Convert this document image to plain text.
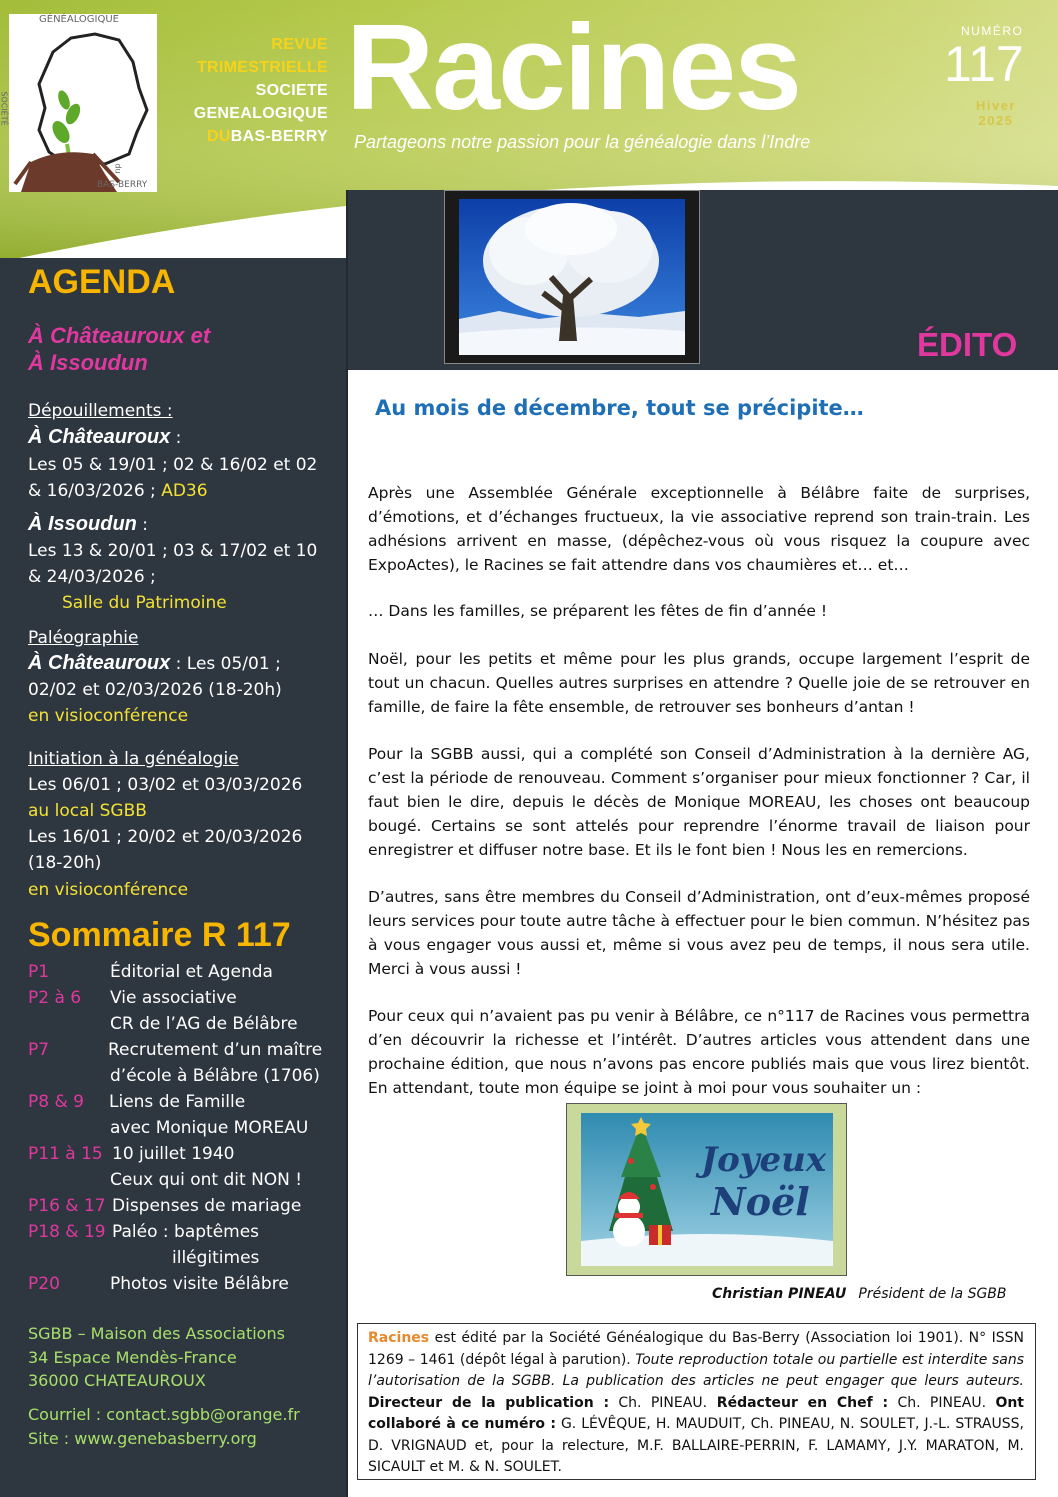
GÉNÉALOGIQUE
SOCIÉTÉ
du
BAS-BERRY
REVUE
TRIMESTRIELLE
SOCIETE
GENEALOGIQUE
DUBAS-BERRY
Racines
Partageons notre passion pour la généalogie dans l’Indre
NUMÉRO
117
Hiver
2025
ÉDITO
AGENDA
À Châteauroux et
À Issoudun
Dépouillements :
À Châteauroux :
Les 05 & 19/01 ; 02 & 16/02 et 02
& 16/03/2026 ; AD36
À Issoudun :
Les 13 & 20/01 ; 03 & 17/02 et 10
& 24/03/2026 ;
Salle du Patrimoine
Paléographie
À Châteauroux : Les 05/01 ;
02/02 et 02/03/2026 (18-20h)
en visioconférence
Initiation à la généalogie
Les 06/01 ; 03/02 et 03/03/2026
au local SGBB
Les 16/01 ; 20/02 et 20/03/2026
(18-20h)
en visioconférence
Sommaire R 117
P1	Éditorial et Agenda
P2 à 6 Vie associative
CR de l’AG de Bélâbre
P7	Recrutement d’un maître
d’école à Bélâbre (1706)
P8 & 9 Liens de Famille
avec Monique MOREAU
P11 à 15 10 juillet 1940
Ceux qui ont dit NON !
P16 & 17 Dispenses de mariage
P18 & 19 Paléo : baptêmes
illégitimes
P20	Photos visite Bélâbre
SGBB – Maison des Associations
34 Espace Mendès-France
36000 CHATEAUROUX
Courriel : contact.sgbb@orange.fr
Site : www.genebasberry.org
Au mois de décembre, tout se précipite…
Après une Assemblée Générale exceptionnelle à Bélâbre faite de surprises, d’émotions, et d’échanges fructueux, la vie associative reprend son train-train. Les adhésions arrivent en masse, (dépêchez-vous où vous risquez la coupure avec ExpoActes), le Racines se fait attendre dans vos chaumières et… et…
… Dans les familles, se préparent les fêtes de fin d’année !
Noël, pour les petits et même pour les plus grands, occupe largement l’esprit de tout un chacun. Quelles autres surprises en attendre ? Quelle joie de se retrouver en famille, de faire la fête ensemble, de retrouver ses bonheurs d’antan !
Pour la SGBB aussi, qui a complété son Conseil d’Administration à la dernière AG, c’est la période de renouveau. Comment s’organiser pour mieux fonctionner ? Car, il faut bien le dire, depuis le décès de Monique MOREAU, les choses ont beaucoup bougé. Certains se sont attelés pour reprendre l’énorme travail de liaison pour enregistrer et diffuser notre base. Et ils le font bien ! Nous les en remercions.
D’autres, sans être membres du Conseil d’Administration, ont d’eux-mêmes proposé leurs services pour toute autre tâche à effectuer pour le bien commun. N’hésitez pas à vous engager vous aussi et, même si vous avez peu de temps, il nous sera utile. Merci à vous aussi !
Pour ceux qui n’avaient pas pu venir à Bélâbre, ce n°117 de Racines vous permettra d’en découvrir la richesse et l’intérêt. D’autres articles vous attendent dans une prochaine édition, que nous n’avons pas encore publiés mais que vous lirez bientôt. En attendant, toute mon équipe se joint à moi pour vous souhaiter un :
Joyeux
Noël
Christian PINEAU Président de la SGBB
Racines est édité par la Société Généalogique du Bas-Berry (Association loi 1901). N° ISSN 1269 – 1461 (dépôt légal à parution). Toute reproduction totale ou partielle est interdite sans l’autorisation de la SGBB. La publication des articles ne peut engager que leurs auteurs. Directeur de la publication : Ch. PINEAU. Rédacteur en Chef : Ch. PINEAU. Ont collaboré à ce numéro : G. LÉVÊQUE, H. MAUDUIT, Ch. PINEAU, N. SOULET, J.-L. STRAUSS, D. VRIGNAUD et, pour la relecture, M.F. BALLAIRE-PERRIN, F. LAMAMY, J.Y. MARATON, M. SICAULT et M. & N. SOULET.
